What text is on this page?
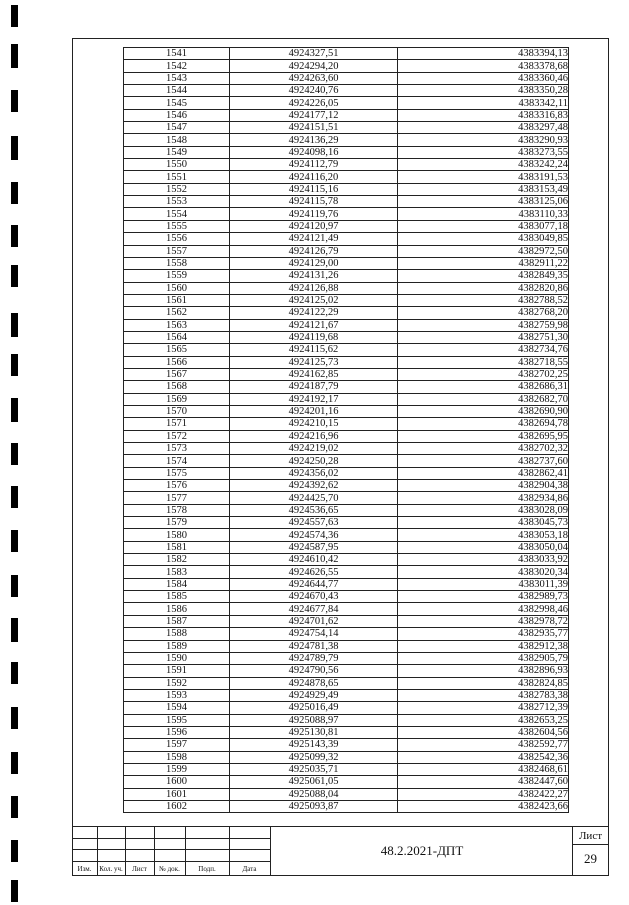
1541	4924327,51	4383394,13
1542	4924294,20	4383378,68
1543	4924263,60	4383360,46
1544	4924240,76	4383350,28
1545	4924226,05	4383342,11
1546	4924177,12	4383316,83
1547	4924151,51	4383297,48
1548	4924136,29	4383290,93
1549	4924098,16	4383273,55
1550	4924112,79	4383242,24
1551	4924116,20	4383191,53
1552	4924115,16	4383153,49
1553	4924115,78	4383125,06
1554	4924119,76	4383110,33
1555	4924120,97	4383077,18
1556	4924121,49	4383049,85
1557	4924126,79	4382972,50
1558	4924129,00	4382911,22
1559	4924131,26	4382849,35
1560	4924126,88	4382820,86
1561	4924125,02	4382788,52
1562	4924122,29	4382768,20
1563	4924121,67	4382759,98
1564	4924119,68	4382751,30
1565	4924115,62	4382734,76
1566	4924125,73	4382718,55
1567	4924162,85	4382702,25
1568	4924187,79	4382686,31
1569	4924192,17	4382682,70
1570	4924201,16	4382690,90
1571	4924210,15	4382694,78
1572	4924216,96	4382695,95
1573	4924219,02	4382702,32
1574	4924250,28	4382737,60
1575	4924356,02	4382862,41
1576	4924392,62	4382904,38
1577	4924425,70	4382934,86
1578	4924536,65	4383028,09
1579	4924557,63	4383045,73
1580	4924574,36	4383053,18
1581	4924587,95	4383050,04
1582	4924610,42	4383033,92
1583	4924626,55	4383020,34
1584	4924644,77	4383011,39
1585	4924670,43	4382989,73
1586	4924677,84	4382998,46
1587	4924701,62	4382978,72
1588	4924754,14	4382935,77
1589	4924781,38	4382912,38
1590	4924789,79	4382905,79
1591	4924790,56	4382896,93
1592	4924878,65	4382824,85
1593	4924929,49	4382783,38
1594	4925016,49	4382712,39
1595	4925088,97	4382653,25
1596	4925130,81	4382604,56
1597	4925143,39	4382592,77
1598	4925099,32	4382542,36
1599	4925035,71	4382468,61
1600	4925061,05	4382447,60
1601	4925088,04	4382422,27
1602	4925093,87	4382423,66
Изм.	Кол. уч.	Лист	№ док.	Подп.	Дата
48.2.2021-ДПТ
Лист
29
